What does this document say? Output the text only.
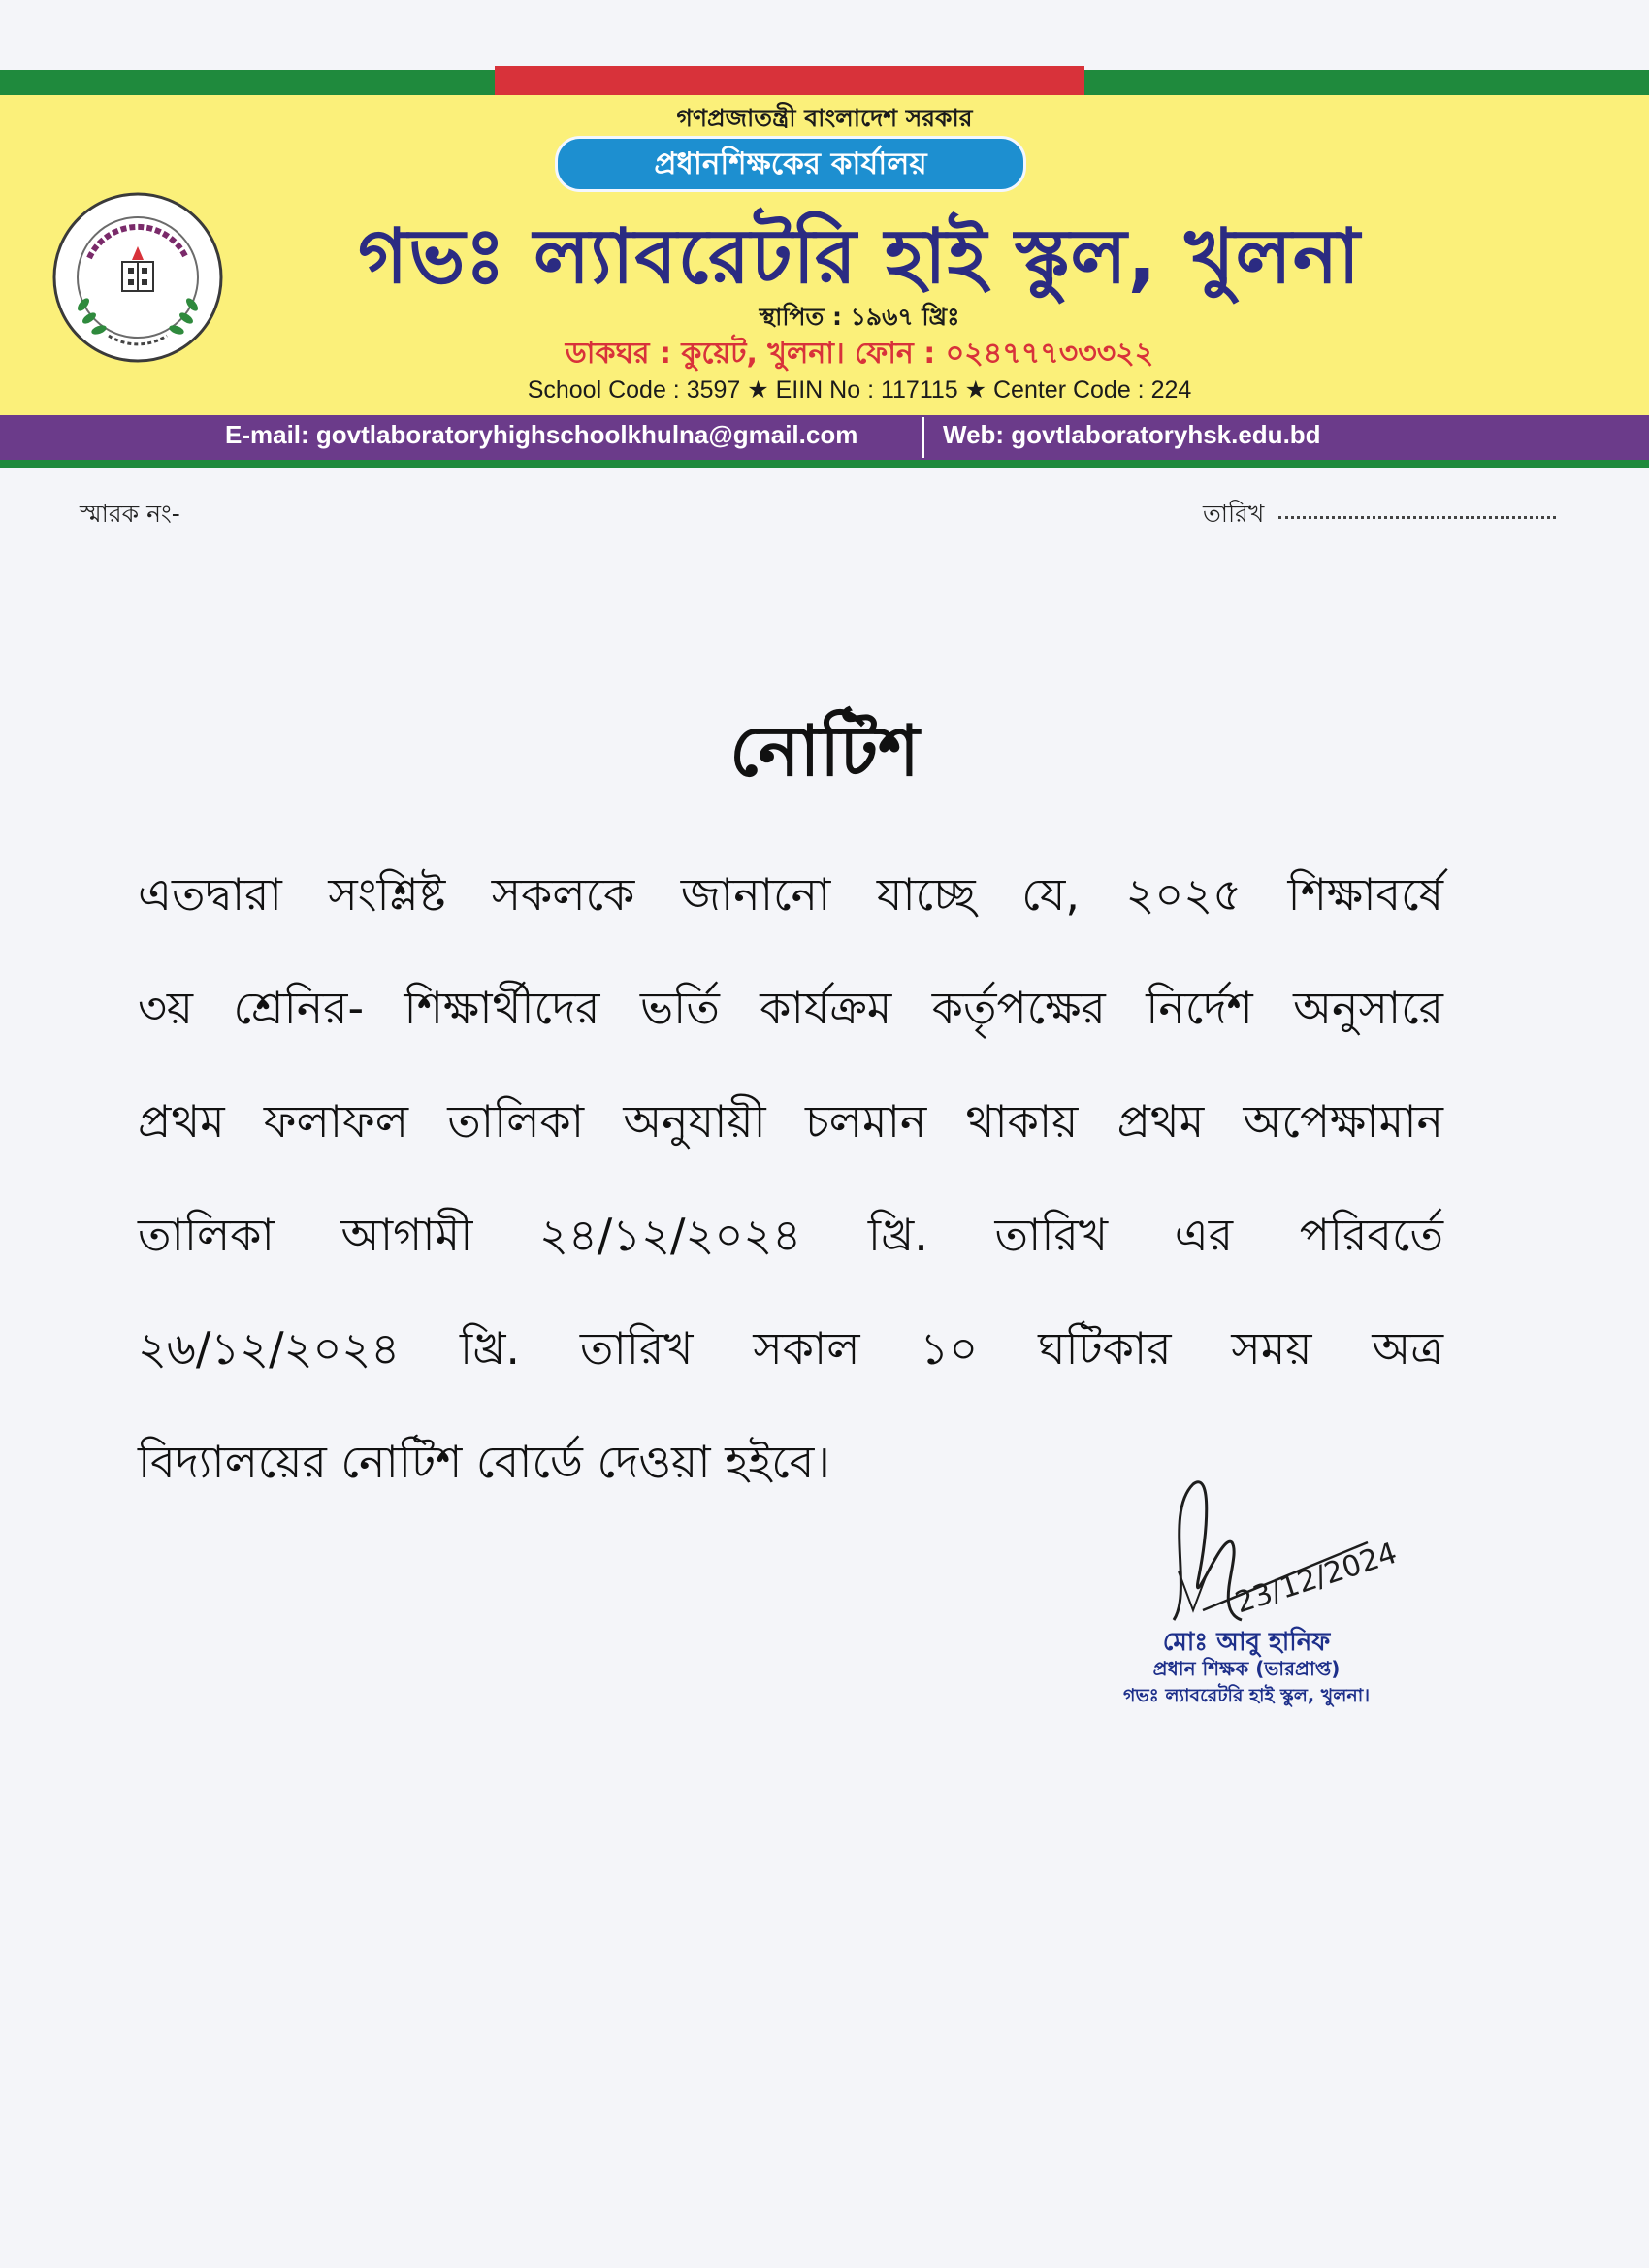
গণপ্রজাতন্ত্রী বাংলাদেশ সরকার
প্রধানশিক্ষকের কার্যালয়
গভঃ ল্যাবরেটরি হাই স্কুল, খুলনা
স্থাপিত : ১৯৬৭ খ্রিঃ
ডাকঘর : কুয়েট, খুলনা। ফোন : ০২৪৭৭৭৩৩৩২২
School Code : 3597 ★ EIIN No : 117115 ★ Center Code : 224
E-mail: govtlaboratoryhighschoolkhulna@gmail.com	Web: govtlaboratoryhsk.edu.bd
স্মারক নং-	তারিখ
নোটিশ
এতদ্বারা সংশ্লিষ্ট সকলকে জানানো যাচ্ছে যে, ২০২৫ শিক্ষাবর্ষে
৩য় শ্রেনির- শিক্ষার্থীদের ভর্তি কার্যক্রম কর্তৃপক্ষের নির্দেশ অনুসারে
প্রথম ফলাফল তালিকা অনুযায়ী চলমান থাকায় প্রথম অপেক্ষামান
তালিকা আগামী ২৪/১২/২০২৪ খ্রি. তারিখ এর পরিবর্তে
২৬/১২/২০২৪ খ্রি. তারিখ সকাল ১০ ঘটিকার সময় অত্র
বিদ্যালয়ের নোটিশ বোর্ডে দেওয়া হইবে।
23/12/2024
মোঃ আবু হানিফ
প্রধান শিক্ষক (ভারপ্রাপ্ত)
গভঃ ল্যাবরেটরি হাই স্কুল, খুলনা।
